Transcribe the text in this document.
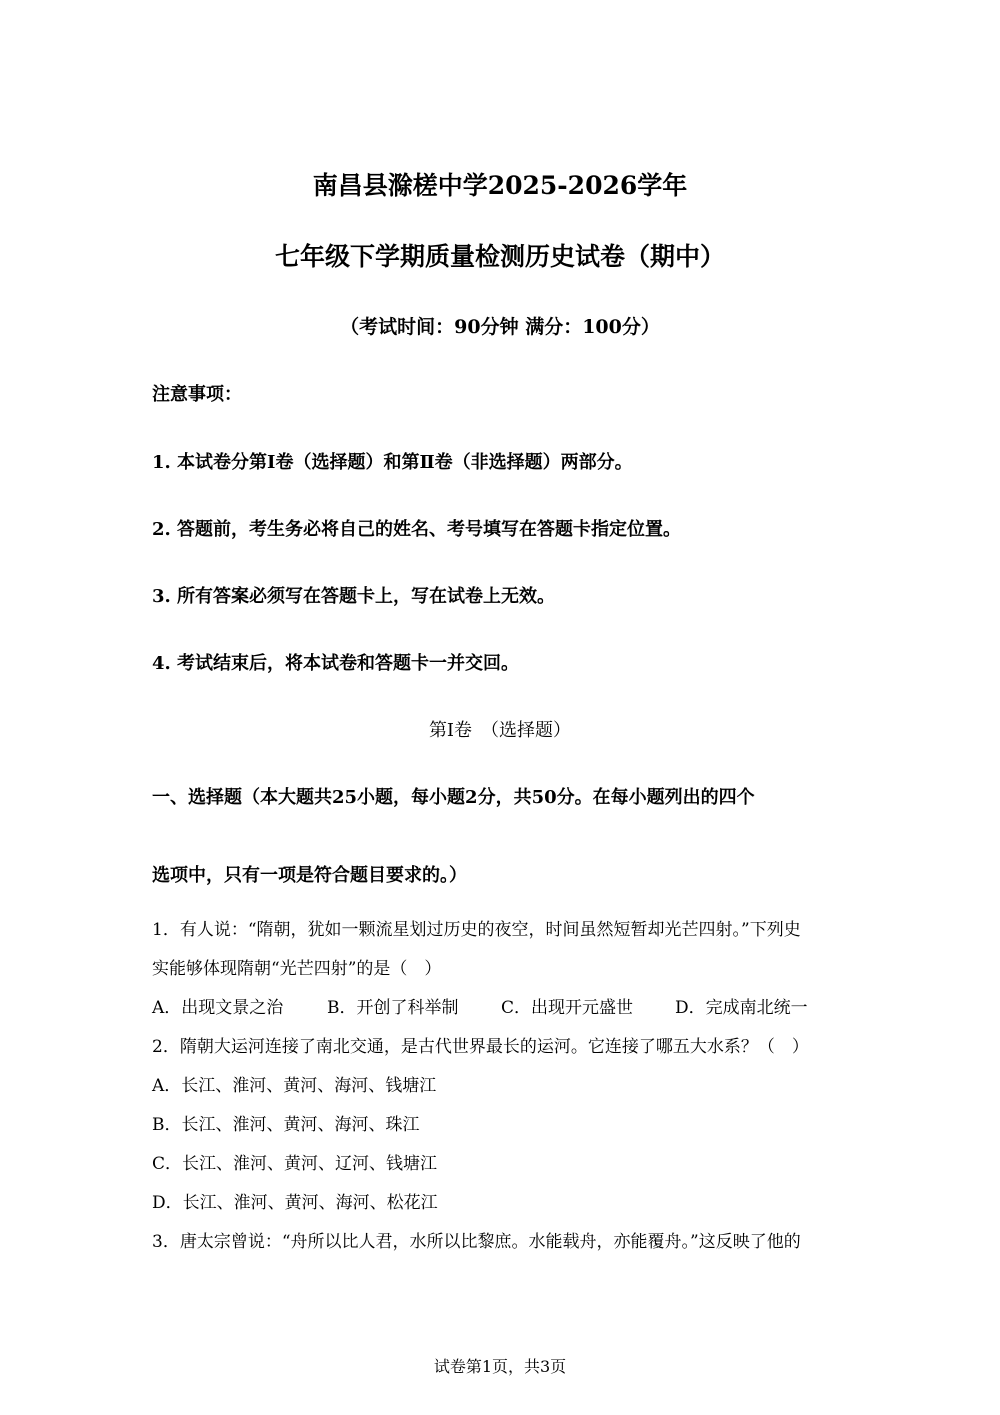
南昌县滁槎中学2025-2026学年
七年级下学期质量检测历史试卷（期中）
（考试时间：90分钟 满分：100分）
注意事项：
1. 本试卷分第Ⅰ卷（选择题）和第Ⅱ卷（非选择题）两部分。
2. 答题前，考生务必将自己的姓名、考号填写在答题卡指定位置。
3. 所有答案必须写在答题卡上，写在试卷上无效。
4. 考试结束后，将本试卷和答题卡一并交回。
第Ⅰ卷　（选择题）
一、选择题（本大题共25小题，每小题2分，共50分。在每小题列出的四个
选项中，只有一项是符合题目要求的。）
1．有人说：“隋朝，犹如一颗流星划过历史的夜空，时间虽然短暂却光芒四射。”下列史
实能够体现隋朝“光芒四射”的是（　）
A．出现文景之治	B．开创了科举制	C．出现开元盛世 D．完成南北统一
2．隋朝大运河连接了南北交通，是古代世界最长的运河。它连接了哪五大水系？（　）
A．长江、淮河、黄河、海河、钱塘江
B．长江、淮河、黄河、海河、珠江
C．长江、淮河、黄河、辽河、钱塘江
D．长江、淮河、黄河、海河、松花江
3．唐太宗曾说：“舟所以比人君，水所以比黎庶。水能载舟，亦能覆舟。”这反映了他的
试卷第1页，共3页
